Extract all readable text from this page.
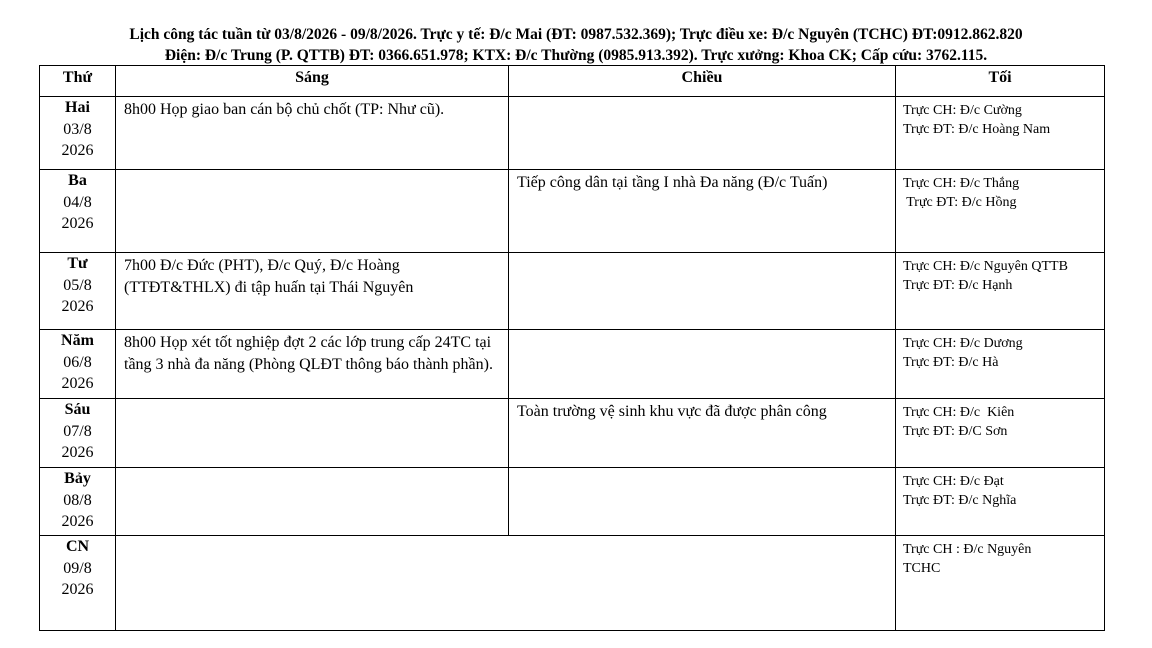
Lịch công tác tuần từ 03/8/2026 - 09/8/2026. Trực y tế: Đ/c Mai (ĐT: 0987.532.369); Trực điều xe: Đ/c Nguyên (TCHC) ĐT:0912.862.820
Điện: Đ/c Trung (P. QTTB) ĐT: 0366.651.978; KTX: Đ/c Thường (0985.913.392). Trực xưởng: Khoa CK; Cấp cứu: 3762.115.
Thứ	Sáng	Chiều	Tối

Hai
03/8
2026	8h00 Họp giao ban cán bộ chủ chốt (TP: Như cũ).		Trực CH: Đ/c Cường
Trực ĐT: Đ/c Hoàng Nam

Ba
04/8
2026		Tiếp công dân tại tầng I nhà Đa năng (Đ/c Tuấn)	Trực CH: Đ/c Thắng
Trực ĐT: Đ/c Hồng

Tư
05/8
2026	7h00 Đ/c Đức (PHT), Đ/c Quý, Đ/c Hoàng (TTĐT&THLX) đi tập huấn tại Thái Nguyên		Trực CH: Đ/c Nguyên QTTB
Trực ĐT: Đ/c Hạnh

Năm
06/8
2026	8h00 Họp xét tốt nghiệp đợt 2 các lớp trung cấp 24TC tại tầng 3 nhà đa năng (Phòng QLĐT thông báo thành phần).		Trực CH: Đ/c Dương
Trực ĐT: Đ/c Hà

Sáu
07/8
2026		Toàn trường vệ sinh khu vực đã được phân công	Trực CH: Đ/c  Kiên
Trực ĐT: Đ/C Sơn

Bảy
08/8
2026			Trực CH: Đ/c Đạt
Trực ĐT: Đ/c Nghĩa

CN
09/8
2026			Trực CH : Đ/c Nguyên
TCHC
